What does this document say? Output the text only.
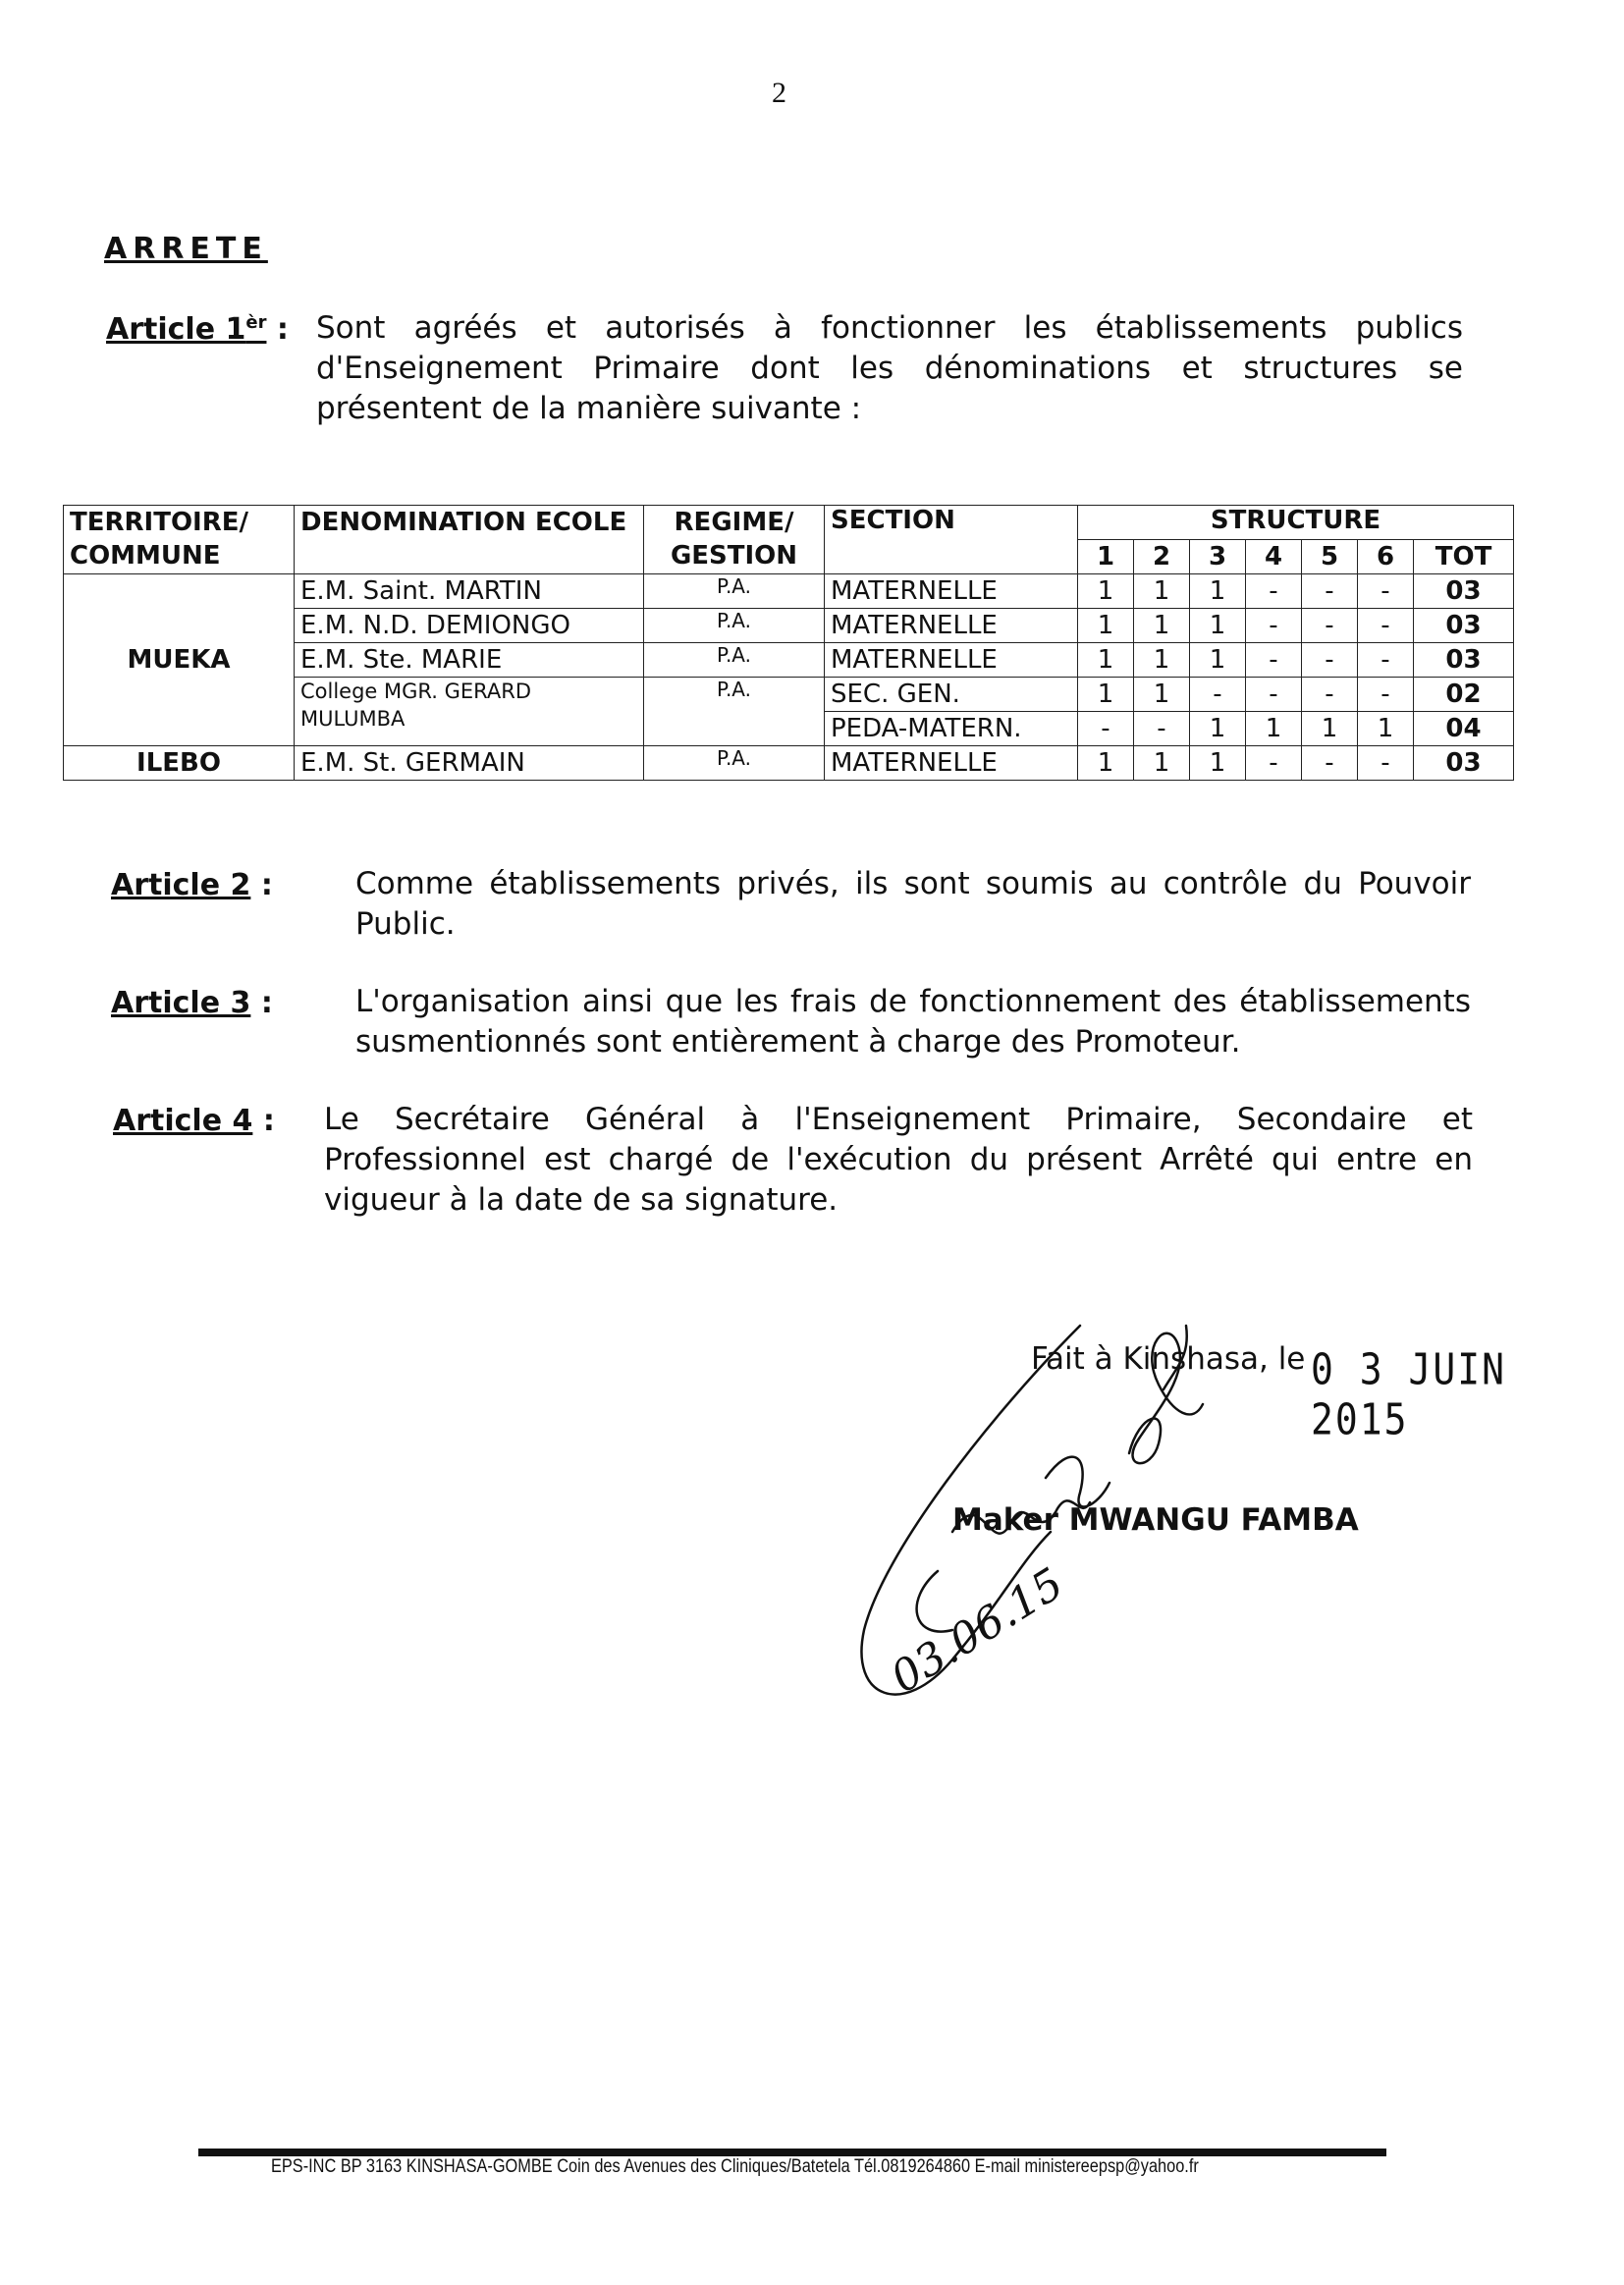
2
ARRETE
Article $1^{èr}$ : Sont agréés et autorisés à fonctionner les établissements publics d'Enseignement Primaire dont les dénominations et structures se présentent de la manière suivante :
TERRITOIRE/ COMMUNE	DENOMINATION ECOLE	REGIME/ GESTION	SECTION	STRUCTURE						
				1	2	3	4	5	6	TOT
MUEKA	E.M. Saint. MARTIN	P.A.	MATERNELLE	1	1	1	-	-	-	03
	E.M. N.D. DEMIONGO	P.A.	MATERNELLE	1	1	1	-	-	-	03
	E.M. Ste. MARIE	P.A.	MATERNELLE	1	1	1	-	-	-	03
	College MGR. GERARD MULUMBA	P.A.	SEC. GEN.	1	1	-	-	-	-	02
			PEDA-MATERN.	-	-	1	1	1	1	04
ILEBO	E.M. St. GERMAIN	P.A.	MATERNELLE	1	1	1	-	-	-	03
Article 2 :	Comme établissements privés, ils sont soumis au contrôle du Pouvoir Public.
Article 3 :	L'organisation ainsi que les frais de fonctionnement des établissements susmentionnés sont entièrement à charge des Promoteur.
Article 4 : Le Secrétaire Général à l'Enseignement Primaire, Secondaire et Professionnel est chargé de l'exécution du présent Arrêté qui entre en vigueur à la date de sa signature.
Fait à Kinshasa, le 0 3 JUIN 2015
Maker MWANGU FAMBA
03.06.15
EPS-INC BP 3163 KINSHASA-GOMBE Coin des Avenues des Cliniques/Batetela Tél.0819264860 E-mail ministereepsp@yahoo.fr
